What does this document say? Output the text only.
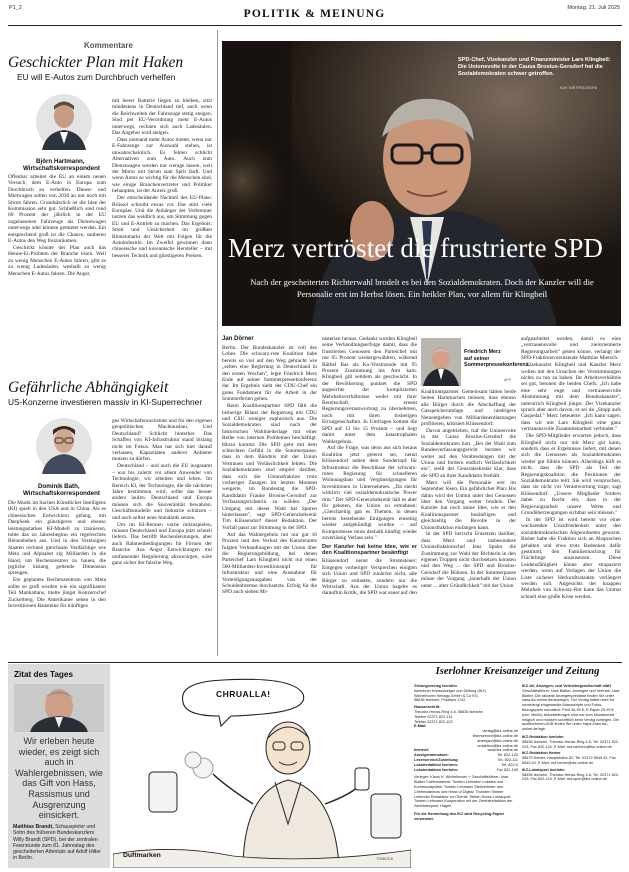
P1_2	POLITIK & MEINUNG	Montag, 21. Juli 2025
Kommentare
Geschickter Plan mit Haken
EU will E-Autos zum Durchbruch verhelfen
Björn Hartmann,
Wirtschaftskorrespondent

Offenbar arbeitet die EU an einem neuen Versuch, dem E-Auto in Europa zum Durchbruch zu verhelfen. Dienst- und Mietwagen sollen von 2030 an nur noch mit Strom fahren. Grundsätzlich ist die Idee der Kommission sehr gut. Schließlich sind rund 60 Prozent der jährlich in der EU zugelassenen Fahrzeuge als Dienstwagen unterwegs oder können gemietet werden. Ein entsprechend groß ist die Chance, sauberen E-Autos den Weg freizuräumen.

Geschickt könnte der Plan auch das Henne-Ei-Problem der Branche lösen. Weil zu wenig Menschen E-Autos fahren, gibt es zu wenig Ladesäulen, weshalb zu wenig Menschen E-Autos fahren. Die Angst,

mit leerer Batterie liegen zu bleiben, sitzt mindestens in Deutschland tief, auch wenn die Reichweiten der Fahrzeuge stetig steigen. Sind per EU-Verordnung mehr E-Autos unterwegs, rechnen sich auch Ladesäulen. Das Angebot wird steigen.

Dass niemand mehr Autos mietet, wenn nur E-Fahrzeuge zur Auswahl stehen, ist unwahrscheinlich. Es fehlen schlicht Alternativen zum Auto. Auch zum Dienstwagen werden nur wenige lassen, weil der Motor mit Strom statt Sprit läuft. Und wenn Autos so wichtig für die Menschen sind, wie einige Branchenvertreter und Politiker behaupten, ist der Anreiz groß.

Der entscheidende Nachteil des EU-Plans: Brüssel schreibt etwas vor. Das stört viele Europäer. Und die Anhänger der Verbrenner nutzen das weidlich aus, um Stimmung gegen EU und E-Antrieb zu machen. Das Ergebnis: Streit und Unsicherheit im größten Binnenmarkt der Welt mit Folgen für die Autoindustrie. Im Zweifel gewinnen dann chinesische und koreanische Hersteller – mit besserer Technik und günstigeren Preisen.

Gefährliche Abhängigkeit
US-Konzerne investieren massiv in KI-Superrechner
Dominik Bath,
Wirtschaftskorrespondent

Die Musik im Sachen Künstlicher Intelligenz (KI) spielt in den USA und in China. Als es chinesischen Entwicklern gelang, mit DeepSeek ein günstigeres und ebenso leistungsstarkes KI-Modell zu trainieren, tobte das zu Jahresbeginn ein regelrechtes Börsenbeben aus. Und in den Vereinigten Staaten rechnen gleichsam Verdächtige wie Meta und Alphabet zig Milliarden in die Hand, um Rechenzentren zu bauen, die jegliche bislang geltende Dimension sprengen.

Ein geplantes Rechenzentrum von Meta sollte so groß werden wie ein signifikanter Teil Manhattans, titelte jüngst Konzernchef Zuckerberg. Die Amerikaner sehen in den Investitionen Bausteine für künftiges

ges Wirtschaftswachstum und für den eigenen geopolitischen Machtausbau. Und Deutschland? Schlicht hinterher. Das Schaffen von KI-Infrastruktur stand bislang nicht im Fokus. Man hat sich hier darauf verlassen, Kapazitäten anderer Anbieter mutzen zu dürfen.

Deutschland – und auch die EU insgesamt – war bis zuletzt vor allem Anwender von Technologie, wir arbeiten und leben. Im Bereich KI, der Technologie, die die nächsten Jahre bestimmen wird, sollte das besser anders laufen. Deutschland und Europa müssen sich die Souveränität bewahren. Geschäftsmodelle und Industrie schützen – und auch selbst neue Standards setzen.

Um im KI-Rennen vorne mitzuspielen, müssen Deutschland und Europa jetzt schnell liefern. Das betrifft Rechenleistungen, aber auch Rahmenbedingungen für Firmen der Branche. Aus Angst Entwicklungen mit umfassender Regulierung abzuwürgen, wäre ganz sicher der falsche Weg.

SPD-Chef, Vizekanzler und Finanzminister Lars Klingbeil: Die Unionsvolte in der Causa Brosius-Gersdorf hat die Sozialdemokraten schwer getroffen.
KAY NIETFELD/DPA
Merz vertröstet die frustrierte SPD
Nach der gescheiterten Richterwahl brodelt es bei den Sozialdemokraten. Doch der Kanzler will die Personalie erst im Herbst lösen. Ein heikler Plan, vor allem für Klingbeil
Jan Dörner

Berlin. Der Bundeskanzler ist voll des Lobes. Die schwarz-rote Koalition habe bereits so viel auf den Weg gebracht wie „selten eine Regierung in Deutschland in den ersten Wochen", legte Friedrich Merz Ende auf seiner Sommerpressekonferenz dar. Im Ergebnis sieht der CDU-Chef ein gutes Fundament für die Arbeit in der Sommerferien gehen.

Beim Koalitionspartner SPD fällt die bisherige Bilanz der Regierung mit CDU und CSU weniger euphorisch aus. Die Sozialdemokraten sind nach der historischen Wahlniederlage mit einer Reihe von internen Problemen beschäftigt. Hinzu kommt: Die SPD geht mit dem schlechten Gefühl in die Sommerpause, dass in dem Bündnis mit der Union Vertrauen und Verlässlichkeit fehlen. Die Sozialdemokraten sind empört darüber, dass sich die Unionsfraktion trotz vorheriger Zusagen im letzten Moment weigerte, im Bundestag die SPD-Kandidatin Frauke Brosius-Gersdorf zur Verfassungsrichterin zu wählen. „Der Umgang mit dieser Wahl hat Spuren hinterlassen", sagt SPD-Generalsekretär Tim Klüssendorf dieser Redaktion. Der Vorfall passt zur Stimmung in der SPD.

Auf das Wahlergebnis mit nur gut 16 Prozent und den Verlust des Kanzleramts folgten Verhandlungen mit der Union über die Regierungsbildung, bei denen Parteichef Lars Klingbeil nicht nur einen 500-Milliarden-Investitionstopf für Infrastruktur und eine Ausnahme für Verteidigungsausgaben von der Schuldenbremse durchsetzte. Erfolg für die SPD auch sieben Mi-

nisterien heraus. Gedankt wurden Klingbeil seine Verhandlungserfolge damit, dass die frustrierten Genossen den Parteichef mit nur 65 Prozent wiedergewählten, während Bärbel Bas als Ko-Vorsitzende mit 95 Prozent Zustimmung ins Amt kam. Klingbeil gilt seitdem als geschwächt. In der Bevölkerung punktet die SPD angesichts der komplizierten Mehrheitsverhältnisse weder mit ihrer Bereitschaft, erneut Regierungsverantwortung zu übernehmen, noch mit ihren bisherigen Errungenschaften. In Umfragen kommt die SPD auf 13 bis 15 Prozent – und liegt damit unter dem katastrophalen Wahlergebnis.

Auf die Frage, was denn aus sich heraus Koalition jetzt gelernt sei, nennt Klüssendorf neben dem Sondertopf für Infrastruktur die Beschlüsse der schwarz-roten Regierung für schnelleren Wohnungsbau und Vergünstigungen für Investitionen in Unternehmen. „Da steckt wirklich viel sozialdemokratische Power drin." Der SPD-Generalsekretär hält es aber für geboten, die Union zu ermahnen: „Gleichzeitig gab es Themen, in denen bereits bestehende Einigungen einseitig wieder aufgekündigt wurden – auf Kompromisse muss deshalb künftig wieder zuverlässig Verlass sein."

Der Kanzler hat keine Idee, wie er den Koalitionspartner besänftigt

Klüssendorf nennt die Stromsteuer: Entgegen vorheriger Versprechen einigten sich Union und SPD zunächst nicht, alle Bürger zu entlasten, sondern nur die Wirtschaft. Aus der Union hagelte es daraufhin Kritik, die SPD war sauer auf den

Friedrich Merz
auf seiner Sommerpressekonferenz.
AFP

Koalitionspartner. Gemeinsam hätten beide Seiten Harnmachen müssen, dass ebenso alle Bürger durch die Abschaffung der Gasspeicherumlage und niedrigere Netzentgelten von Milliardenentlastungen profitieren, kritisiert Klüssendorf.

Davon angetrieben, traf die Unionsvolte in der Causa Brosius-Gersdorf die Sozialdemokraten hart. „Bei der Wahl zum Bundesverfassungsgericht beraten wir weiter auf den Verabredungen mit der Union und fordern endlich Verlässlichkeit ein", stellt der Generalsekretär klar, dass die SPD an ihrer Kandidatin festhält.

Merz will die Personalie erst im September lösen. Ein gefährlicher Plan: Bis dahin wird der Unmut unter den Genossen über den Vorgang weiter brodeln. Der Kanzler hat noch keine Idee, wie er den Koalitionspartner besänftigen und gleichzeitig die Revolte in der Unionsfraktion einfangen kann.

In der SPD herrscht Entsetzen darüber, dass Merz und insbesondere Unionsfraktionschef Jens Spahn die Zustimmung zur Wahl der Richterin in den eigenen Truppen nicht durchsetzen konnten und den Weg ... der SPD und Brosius-Gersdorf die Bühnen. In der Sommerpause müsse der Vorgang „innerhalb der Union unter ... alter Gründlichkeit" mit der Union

aufgearbeitet werden, damit es eine „vertrauensvolle und zielorientierte Regierungsarbeit" geben könne, verlangt der SPD-Fraktionsvorsitzende Matthias Miersch.

Vizekanzler Klingbeil und Kanzler Merz wollen mit den Ursachen der Verstimmungen nichts zu tun zu haben. Ihr Arbeitsverhältnis sei gut, betonen die beiden Chefs. „Ich habe eine sehr enge und vertrauensvolle Abstimmung mit dem Bundeskanzler", unterstrich Klingbeil jüngst. Der Vizekanzler sprach aber auch davon, er sei da „Stopp aufs Gaspedal." Merz beteuerte: „Ich kann sagen, dass wir mit Lars Klingbeil eine ganz vertrauensvolle Zusammenarbeit verbindet."

Die SPD-Mitglieder erwarten jedoch, dass Klingbeil nicht nur mit Merz gut kann, sondern dass er Ergebnisse liefert, mit denen sich die Genossen als Sozialdemokraten wieder gut fühlen können. Allerdings hilft es nicht, dass die SPD als Teil der Regierungskoalition die Positionen der Sozialdemokratie teilt. Sie wird versprochen, dass sie nicht vor Verantwortung trage, sagt Klüssendorf. „Unsere Mitglieder fordern dabei zu Recht ein, dass in der Regierungsarbeit unsere Werte und Grundüberzeugungen sichtbar sein müssen."

In der SPD ist wird bereits vor einer wachsenden Unzufriedenheit unter den sozialdemokratischen Abgeordneten gewarnt. Bisher habe die Fraktion sich an Absprachen gehalten und etwa trotz Bedenken dafür gestimmt, den Familiennachzug für Flüchtlinge auszusetzen. Diese Leidensfähigkeit könne aber strapaziert werden, wenn auf Verlagen der Union die Liste sicherer Herkunftsstaaten verlängert werden soll. Angesichts der knappen Mehrheit von Schwarz-Rot kann das Unmut schnell eine große Krise werden.

Zitat des Tages
Wir erleben heute wieder, es zeigt sich auch in Wahlergebnissen, wie das Gift von Hass, Rassismus und Ausgrenzung einsickert.
Matthias Brandt, Schauspieler und Sohn des früheren Bundeskanzlers Willy Brandt (SPD), bei der zentralen Feierstunde zum 81. Jahrestag des gescheiterten Attentats auf Adolf Hitler in Berlin.
CHRUALLA!
Duftmarken	TOMICEK
Iserlohner Kreisanzeiger und Zeitung
Zeitungsverlag Iserlohn
Iserlohner Kreisanzeiger und Zeitung (IKZ)
Wichelhoven Verlags-GmbH & Co KG,
58636 Iserlohn, Postfach 1742
Hausanschrift:
Theodor-Heuss-Ring 4-6, 58636 Iserlohn
Telefon 02371 822-111,
Telefax 02371 822-102
E-Mail:
verlag@ikz-online.de
leserservice@ikz-online.de
anzeigen@ikz-online.de
redaktion@ikz-online.de
Internet:	www.ikz-online.de
Anzeigenannahme:	Tel. 822-126
Leserservice/Zustellung:	Tel. 822-111
Lokalredaktion Iserlohn:	Tel. 822-0
Lokalredaktion Iserlohn:	Fax 822-169
Verleger: Klaus H. Wichelhoven † Geschäftsführer: Uwe Blatter Chefredakteur: Torsten Lehmann Lokales und Kommunalpolitik: Torsten Lehmann Stellvertreter des Chefredakteurs und Head of Digital: Thorsten Stieber Leitender Redakteur von Dienst: Stefan Drees Lokalsport: Torsten Lehmann Kooperation mit der Zentralredaktion der Westfalenpost, Hagen
Für die Herstellung des IKZ wird Recycling-Papier verwendet.
IKZ-AV, Anzeigen- und Vertriebsgesellschaft mbH
Geschäftsführer: Uwe Blatter. Anzeigen und Vertrieb: Uwe Blatter. Die aktuelle Anzeigenpreisliste finden Sie unter www.ikz-online.de/anzeigen. Der Verlag haftet nicht für unverlangt eingesandte Manuskripte und Fotos. Bezugspreis monatlich: Print 36,99 €, E-Paper 29,99 € (inkl. MwSt). Abbestellungen sind nur zum Monatsende möglich und müssen schriftlich beim Verlag vorliegen. Die ausführlichen AGB finden Sie unter: https://abo.ikz-online.de/agb
IKZ-Redaktion Iserlohn
58636 Iserlohn, Theodor-Heuss-Ring 4-6, Tel. 02371 822-223, Fax 822-124, E-Mail: red.iserlohn@ikz-online.de
IKZ-Redaktion Hemer
58675 Hemer, Hauptstraße 82, Tel. 02372 5549 42, Fax 5549 43, E-Mail: red.hemer@ikz-online.de
IKZ-Lokalsport Iserlohn
58636 Iserlohn, Theodor-Heuss-Ring 4-6, Tel. 02371 822-243, Fax 822-124, E-Mail: red.sport@ikz-online.de
